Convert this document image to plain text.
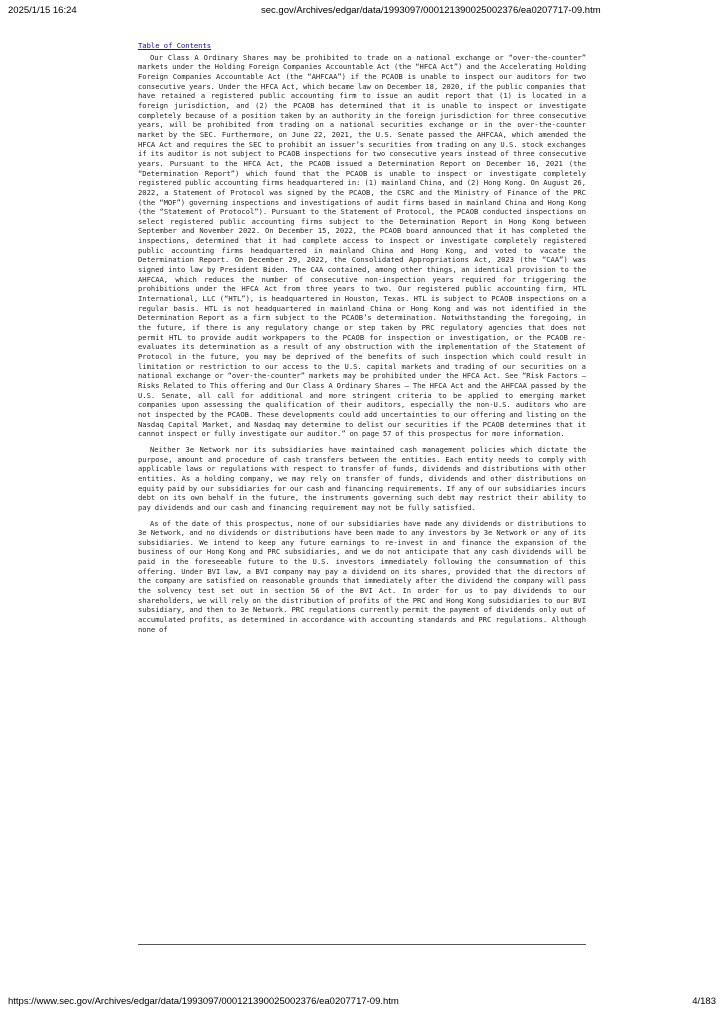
2025/1/15 16:24	sec.gov/Archives/edgar/data/1993097/000121390025002376/ea0207717-09.htm
Table of Contents

Our Class A Ordinary Shares may be prohibited to trade on a national exchange or “over-the-counter” markets under the Holding Foreign Companies Accountable Act (the “HFCA Act”) and the Accelerating Holding Foreign Companies Accountable Act (the “AHFCAA”) if the PCAOB is unable to inspect our auditors for two consecutive years. Under the HFCA Act, which became law on December 18, 2020, if the public companies that have retained a registered public accounting firm to issue an audit report that (1) is located in a foreign jurisdiction, and (2) the PCAOB has determined that it is unable to inspect or investigate completely because of a position taken by an authority in the foreign jurisdiction for three consecutive years, will be prohibited from trading on a national securities exchange or in the over-the-counter market by the SEC. Furthermore, on June 22, 2021, the U.S. Senate passed the AHFCAA, which amended the HFCA Act and requires the SEC to prohibit an issuer’s securities from trading on any U.S. stock exchanges if its auditor is not subject to PCAOB inspections for two consecutive years instead of three consecutive years. Pursuant to the HFCA Act, the PCAOB issued a Determination Report on December 16, 2021 (the “Determination Report”) which found that the PCAOB is unable to inspect or investigate completely registered public accounting firms headquartered in: (1) mainland China, and (2) Hong Kong. On August 26, 2022, a Statement of Protocol was signed by the PCAOB, the CSRC and the Ministry of Finance of the PRC (the “MOF”) governing inspections and investigations of audit firms based in mainland China and Hong Kong (the “Statement of Protocol”). Pursuant to the Statement of Protocol, the PCAOB conducted inspections on select registered public accounting firms subject to the Determination Report in Hong Kong between September and November 2022. On December 15, 2022, the PCAOB board announced that it has completed the inspections, determined that it had complete access to inspect or investigate completely registered public accounting firms headquartered in mainland China and Hong Kong, and voted to vacate the Determination Report. On December 29, 2022, the Consolidated Appropriations Act, 2023 (the “CAA”) was signed into law by President Biden. The CAA contained, among other things, an identical provision to the AHFCAA, which reduces the number of consecutive non-inspection years required for triggering the prohibitions under the HFCA Act from three years to two. Our registered public accounting firm, HTL International, LLC (“HTL”), is headquartered in Houston, Texas. HTL is subject to PCAOB inspections on a regular basis. HTL is not headquartered in mainland China or Hong Kong and was not identified in the Determination Report as a firm subject to the PCAOB’s determination. Notwithstanding the foregoing, in the future, if there is any regulatory change or step taken by PRC regulatory agencies that does not permit HTL to provide audit workpapers to the PCAOB for inspection or investigation, or the PCAOB re-evaluates its determination as a result of any obstruction with the implementation of the Statement of Protocol in the future, you may be deprived of the benefits of such inspection which could result in limitation or restriction to our access to the U.S. capital markets and trading of our securities on a national exchange or “over-the-counter” markets may be prohibited under the HFCA Act. See “Risk Factors — Risks Related to This offering and Our Class A Ordinary Shares — The HFCA Act and the AHFCAA passed by the U.S. Senate, all call for additional and more stringent criteria to be applied to emerging market companies upon assessing the qualification of their auditors, especially the non-U.S. auditors who are not inspected by the PCAOB. These developments could add uncertainties to our offering and listing on the Nasdaq Capital Market, and Nasdaq may determine to delist our securities if the PCAOB determines that it cannot inspect or fully investigate our auditor.” on page 57 of this prospectus for more information.

Neither 3e Network nor its subsidiaries have maintained cash management policies which dictate the purpose, amount and procedure of cash transfers between the entities. Each entity needs to comply with applicable laws or regulations with respect to transfer of funds, dividends and distributions with other entities. As a holding company, we may rely on transfer of funds, dividends and other distributions on equity paid by our subsidiaries for our cash and financing requirements. If any of our subsidiaries incurs debt on its own behalf in the future, the instruments governing such debt may restrict their ability to pay dividends and our cash and financing requirement may not be fully satisfied.

As of the date of this prospectus, none of our subsidiaries have made any dividends or distributions to 3e Network, and no dividends or distributions have been made to any investors by 3e Network or any of its subsidiaries. We intend to keep any future earnings to re-invest in and finance the expansion of the business of our Hong Kong and PRC subsidiaries, and we do not anticipate that any cash dividends will be paid in the foreseeable future to the U.S. investors immediately following the consummation of this offering. Under BVI law, a BVI company may pay a dividend on its shares, provided that the directors of the company are satisfied on reasonable grounds that immediately after the dividend the company will pass the solvency test set out in section 56 of the BVI Act. In order for us to pay dividends to our shareholders, we will rely on the distribution of profits of the PRC and Hong Kong subsidiaries to our BVI subsidiary, and then to 3e Network. PRC regulations currently permit the payment of dividends only out of accumulated profits, as determined in accordance with accounting standards and PRC regulations. Although none of

https://www.sec.gov/Archives/edgar/data/1993097/000121390025002376/ea0207717-09.htm	4/183
